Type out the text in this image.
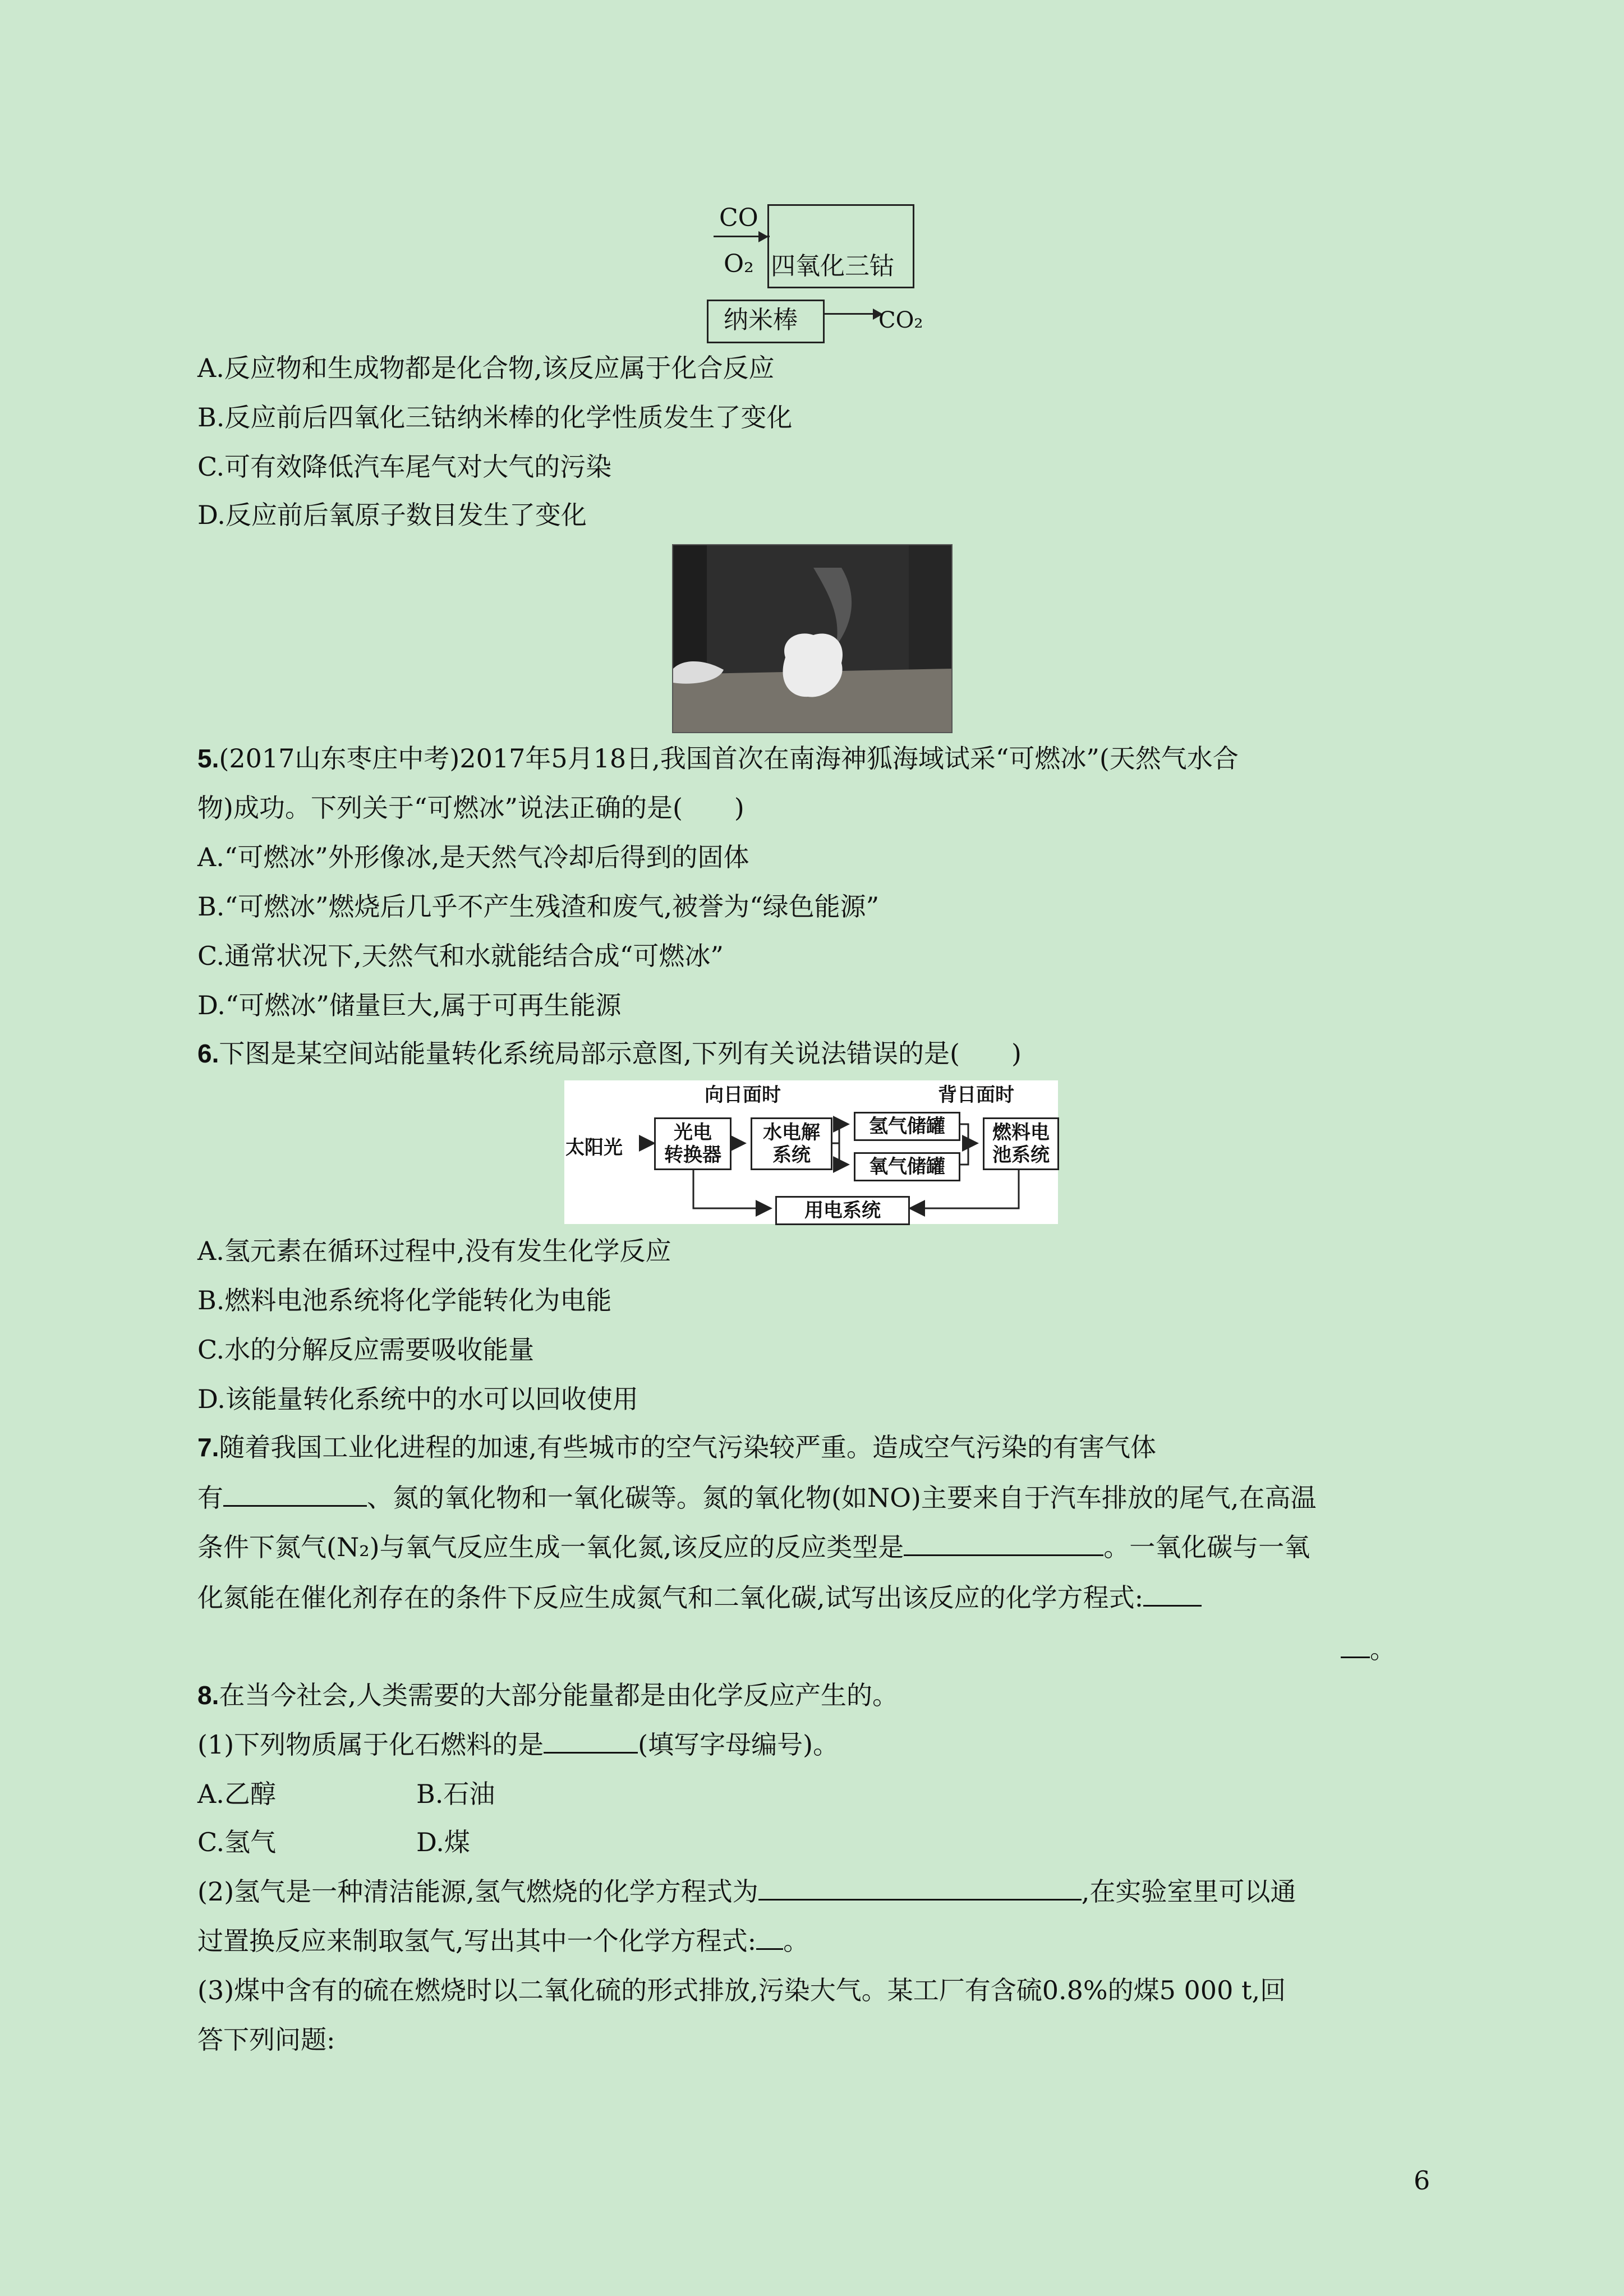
CO
O₂ 四氧化三钴
纳米棒	CO₂
A.反应物和生成物都是化合物,该反应属于化合反应
B.反应前后四氧化三钴纳米棒的化学性质发生了变化
C.可有效降低汽车尾气对大气的污染
D.反应前后氧原子数目发生了变化
5.(2017山东枣庄中考)2017年5月18日,我国首次在南海神狐海域试采“可燃冰”(天然气水合
物)成功。下列关于“可燃冰”说法正确的是(　　)
A.“可燃冰”外形像冰,是天然气冷却后得到的固体
B.“可燃冰”燃烧后几乎不产生残渣和废气,被誉为“绿色能源”
C.通常状况下,天然气和水就能结合成“可燃冰”
D.“可燃冰”储量巨大,属于可再生能源
6.下图是某空间站能量转化系统局部示意图,下列有关说法错误的是(　　)
向日面时	背日面时
太阳光
光电
转换器
水电解
系统
氢气储罐
氧气储罐
燃料电
池系统
用电系统
A.氢元素在循环过程中,没有发生化学反应
B.燃料电池系统将化学能转化为电能
C.水的分解反应需要吸收能量
D.该能量转化系统中的水可以回收使用
7.随着我国工业化进程的加速,有些城市的空气污染较严重。造成空气污染的有害气体
有	、氮的氧化物和一氧化碳等。氮的氧化物(如NO)主要来自于汽车排放的尾气,在高温
条件下氮气(N₂)与氧气反应生成一氧化氮,该反应的反应类型是	。一氧化碳与一氧
化氮能在催化剂存在的条件下反应生成氮气和二氧化碳,试写出该反应的化学方程式:
。
8.在当今社会,人类需要的大部分能量都是由化学反应产生的。
(1)下列物质属于化石燃料的是	(填写字母编号)。
A.乙醇	B.石油
C.氢气	D.煤
(2)氢气是一种清洁能源,氢气燃烧的化学方程式为	,在实验室里可以通
过置换反应来制取氢气,写出其中一个化学方程式: 。
(3)煤中含有的硫在燃烧时以二氧化硫的形式排放,污染大气。某工厂有含硫0.8%的煤5 000 t,回
答下列问题:
6
